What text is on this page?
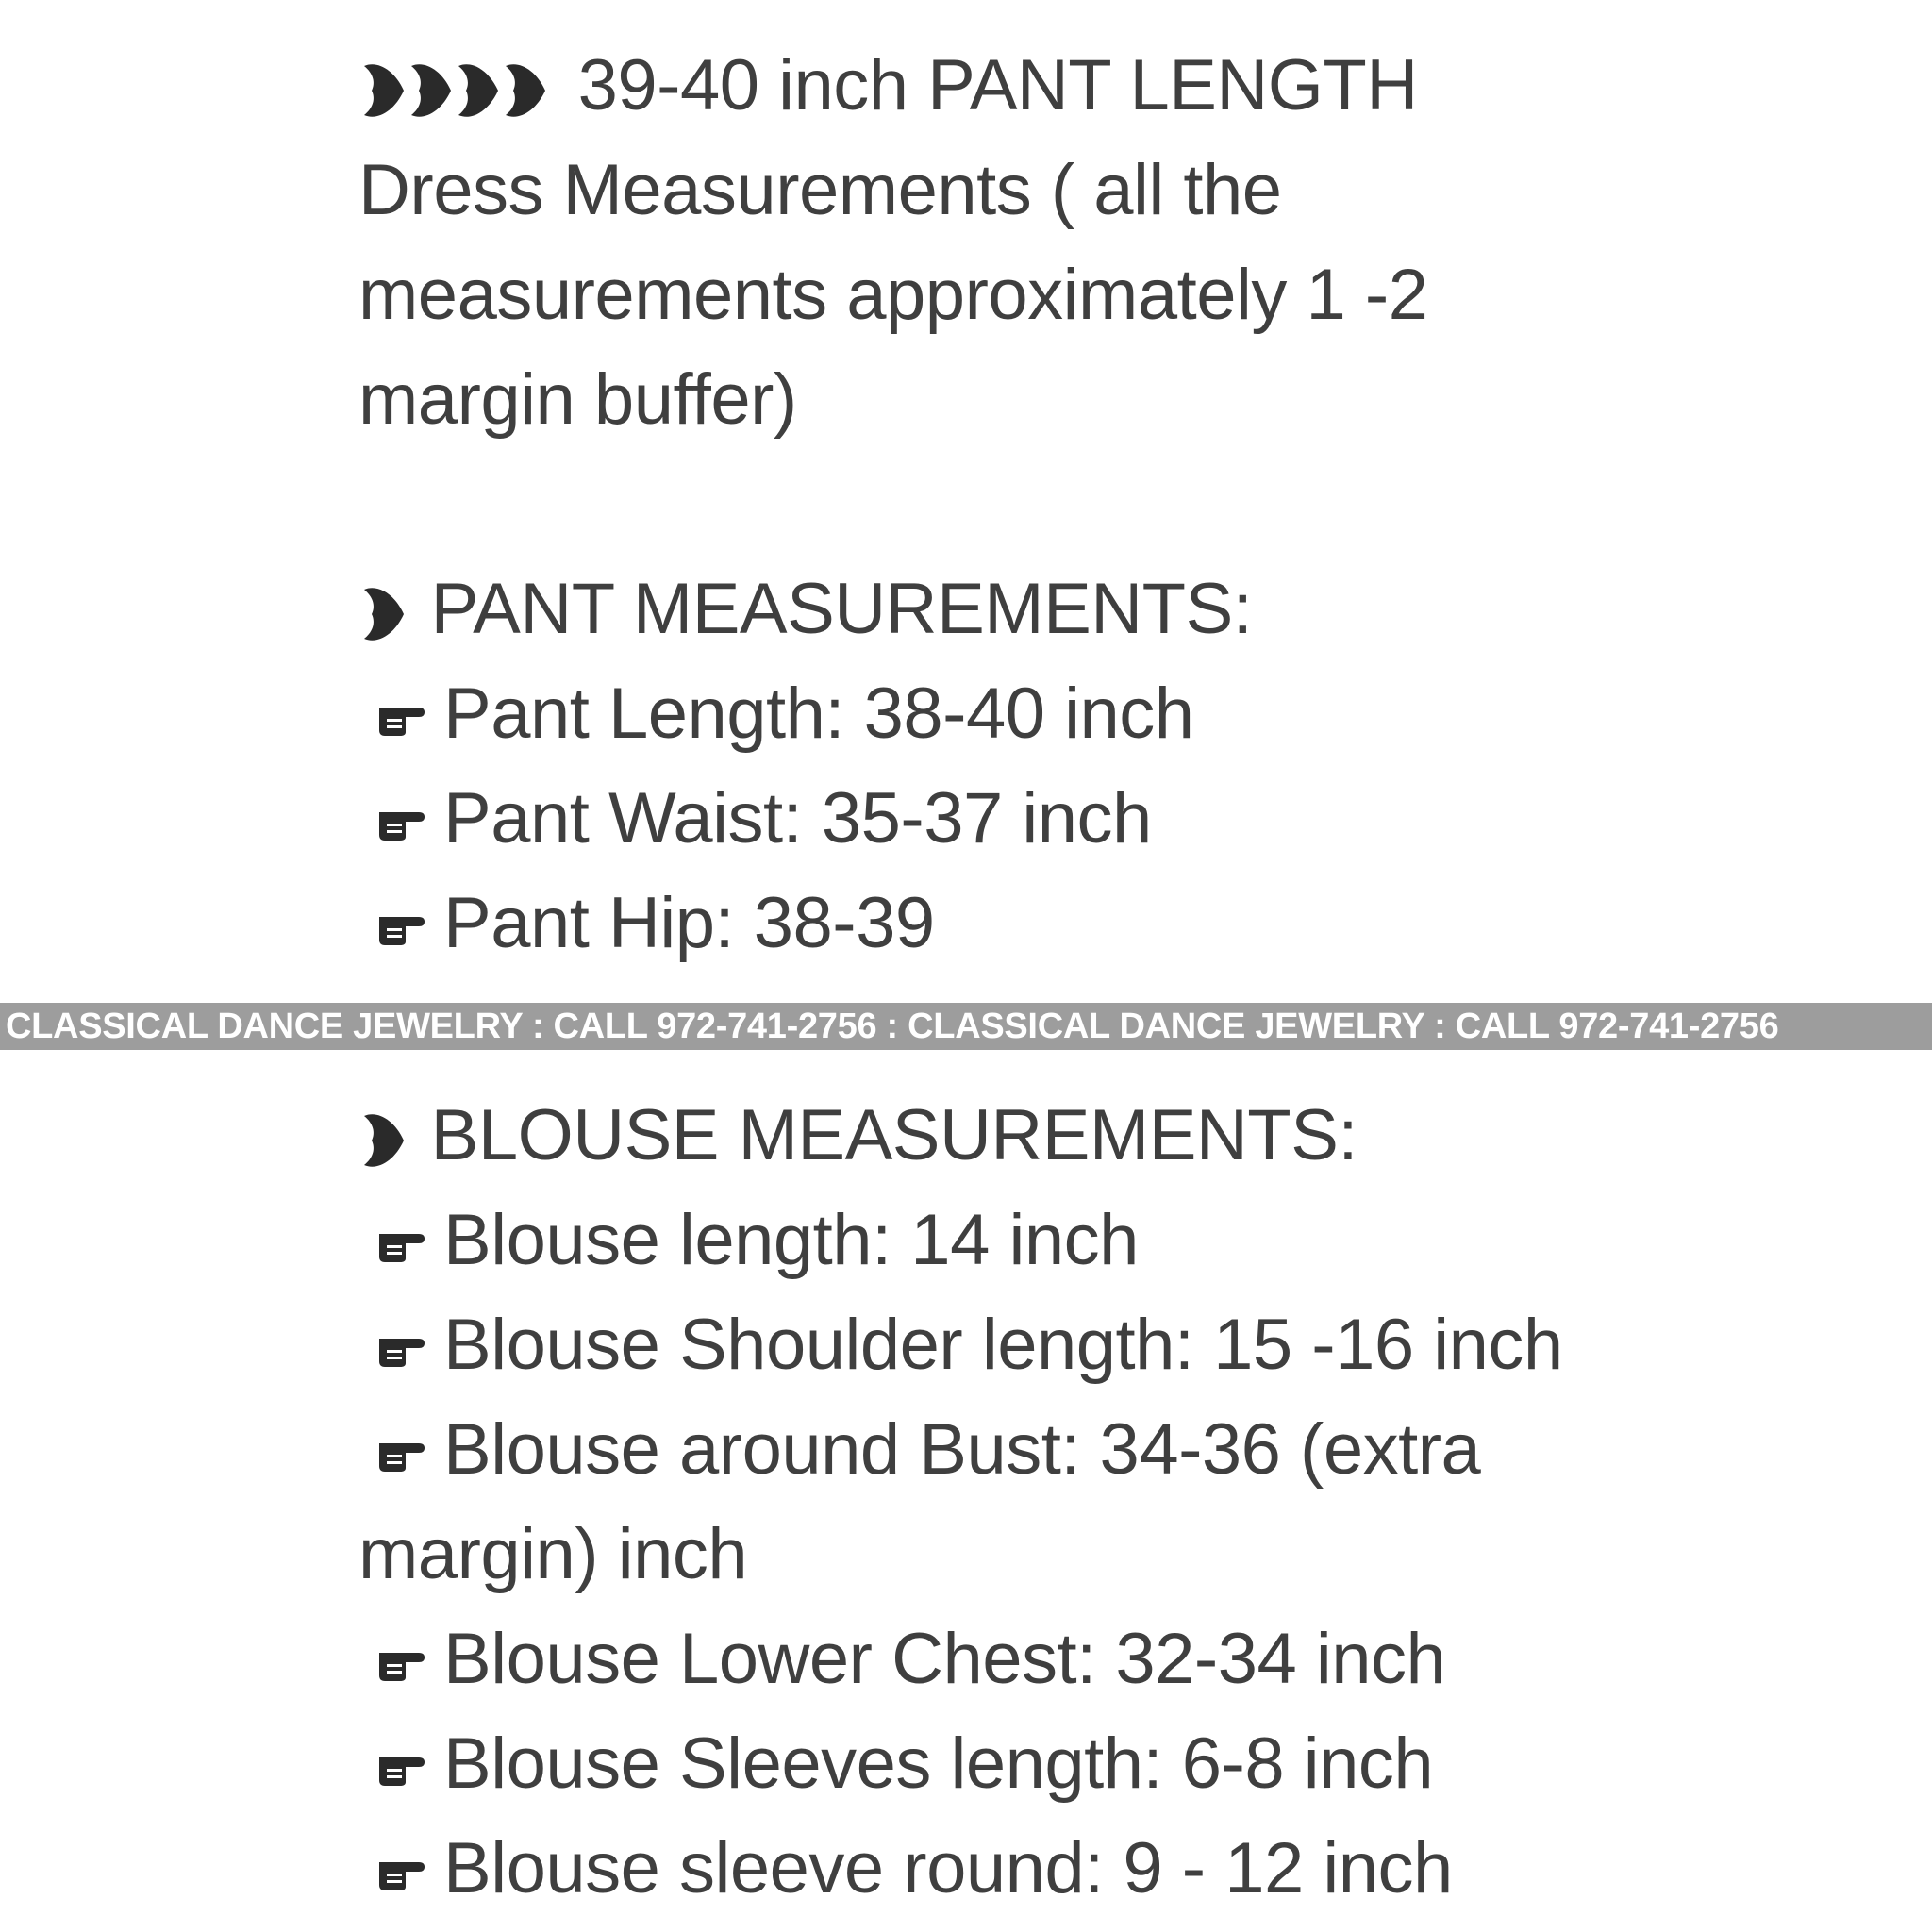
39-40 inch PANT LENGTH
Dress Measurements ( all the
measurements approximately 1 -2
margin buffer)
PANT MEASUREMENTS:
Pant Length: 38-40 inch
Pant Waist: 35-37 inch
Pant Hip: 38-39
CLASSICAL DANCE JEWELRY : CALL 972-741-2756 : CLASSICAL DANCE JEWELRY : CALL 972-741-2756
BLOUSE MEASUREMENTS:
Blouse length: 14 inch
Blouse Shoulder length: 15 -16 inch
Blouse around Bust: 34-36 (extra
margin) inch
Blouse Lower Chest: 32-34 inch
Blouse Sleeves length: 6-8 inch
Blouse sleeve round: 9 - 12 inch
